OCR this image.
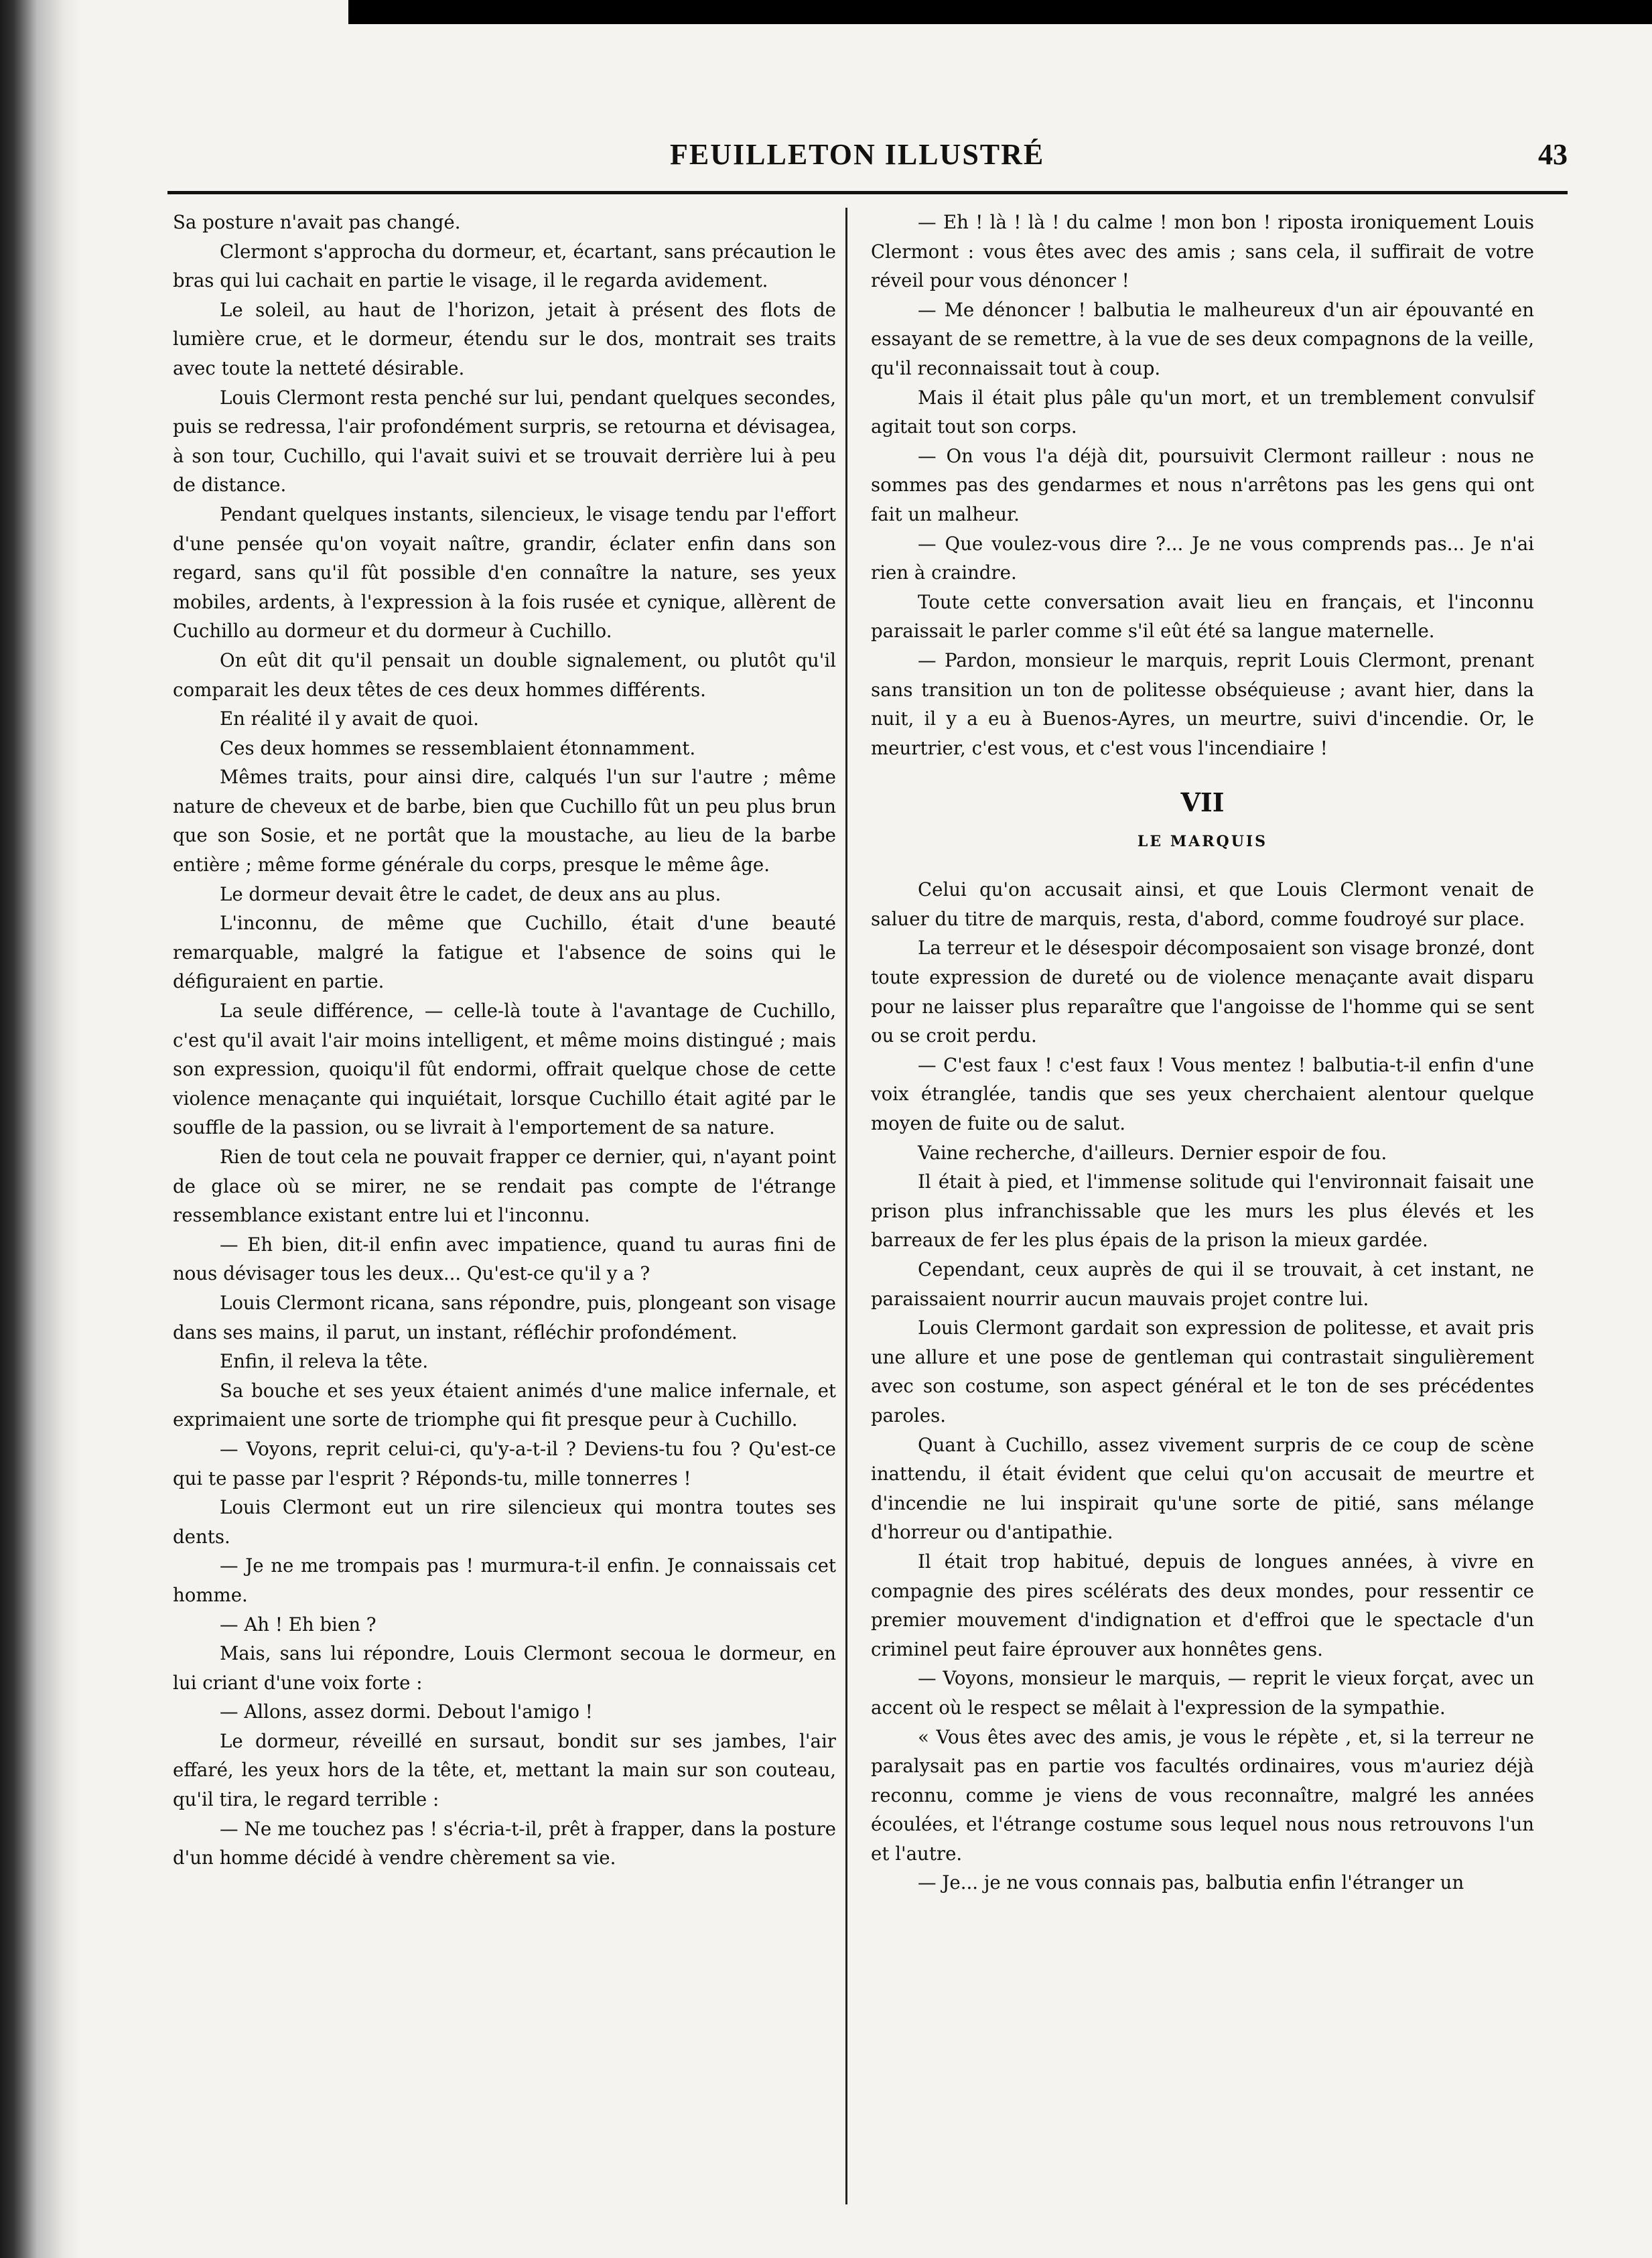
FEUILLETON ILLUSTRÉ	43

Sa posture n'avait pas changé.

Clermont s'approcha du dormeur, et, écartant, sans précaution le bras qui lui cachait en partie le visage, il le regarda avidement.

Le soleil, au haut de l'horizon, jetait à présent des flots de lumière crue, et le dormeur, étendu sur le dos, montrait ses traits avec toute la netteté désirable.

Louis Clermont resta penché sur lui, pendant quelques secondes, puis se redressa, l'air profondément surpris, se retourna et dévisagea, à son tour, Cuchillo, qui l'avait suivi et se trouvait derrière lui à peu de distance.

Pendant quelques instants, silencieux, le visage tendu par l'effort d'une pensée qu'on voyait naître, grandir, éclater enfin dans son regard, sans qu'il fût possible d'en connaître la nature, ses yeux mobiles, ardents, à l'expression à la fois rusée et cynique, allèrent de Cuchillo au dormeur et du dormeur à Cuchillo.

On eût dit qu'il pensait un double signalement, ou plutôt qu'il comparait les deux têtes de ces deux hommes différents.

En réalité il y avait de quoi.

Ces deux hommes se ressemblaient étonnamment.

Mêmes traits, pour ainsi dire, calqués l'un sur l'autre ; même nature de cheveux et de barbe, bien que Cuchillo fût un peu plus brun que son Sosie, et ne portât que la moustache, au lieu de la barbe entière ; même forme générale du corps, presque le même âge.

Le dormeur devait être le cadet, de deux ans au plus.

L'inconnu, de même que Cuchillo, était d'une beauté remarquable, malgré la fatigue et l'absence de soins qui le défiguraient en partie.

La seule différence, — celle-là toute à l'avantage de Cuchillo, c'est qu'il avait l'air moins intelligent, et même moins distingué ; mais son expression, quoiqu'il fût endormi, offrait quelque chose de cette violence menaçante qui inquiétait, lorsque Cuchillo était agité par le souffle de la passion, ou se livrait à l'emportement de sa nature.

Rien de tout cela ne pouvait frapper ce dernier, qui, n'ayant point de glace où se mirer, ne se rendait pas compte de l'étrange ressemblance existant entre lui et l'inconnu.

— Eh bien, dit-il enfin avec impatience, quand tu auras fini de nous dévisager tous les deux... Qu'est-ce qu'il y a ?

Louis Clermont ricana, sans répondre, puis, plongeant son visage dans ses mains, il parut, un instant, réfléchir profondément.

Enfin, il releva la tête.

Sa bouche et ses yeux étaient animés d'une malice infernale, et exprimaient une sorte de triomphe qui fit presque peur à Cuchillo.

— Voyons, reprit celui-ci, qu'y-a-t-il ? Deviens-tu fou ? Qu'est-ce qui te passe par l'esprit ? Réponds-tu, mille tonnerres !

Louis Clermont eut un rire silencieux qui montra toutes ses dents.

— Je ne me trompais pas ! murmura-t-il enfin. Je connaissais cet homme.

— Ah ! Eh bien ?

Mais, sans lui répondre, Louis Clermont secoua le dormeur, en lui criant d'une voix forte :

— Allons, assez dormi. Debout l'amigo !

Le dormeur, réveillé en sursaut, bondit sur ses jambes, l'air effaré, les yeux hors de la tête, et, mettant la main sur son couteau, qu'il tira, le regard terrible :

— Ne me touchez pas ! s'écria-t-il, prêt à frapper, dans la posture d'un homme décidé à vendre chèrement sa vie.

— Eh ! là ! là ! du calme ! mon bon ! riposta ironiquement Louis Clermont : vous êtes avec des amis ; sans cela, il suffirait de votre réveil pour vous dénoncer !

— Me dénoncer ! balbutia le malheureux d'un air épouvanté en essayant de se remettre, à la vue de ses deux compagnons de la veille, qu'il reconnaissait tout à coup.

Mais il était plus pâle qu'un mort, et un tremblement convulsif agitait tout son corps.

— On vous l'a déjà dit, poursuivit Clermont railleur : nous ne sommes pas des gendarmes et nous n'arrêtons pas les gens qui ont fait un malheur.

— Que voulez-vous dire ?... Je ne vous comprends pas... Je n'ai rien à craindre.

Toute cette conversation avait lieu en français, et l'inconnu paraissait le parler comme s'il eût été sa langue maternelle.

— Pardon, monsieur le marquis, reprit Louis Clermont, prenant sans transition un ton de politesse obséquieuse ; avant hier, dans la nuit, il y a eu à Buenos-Ayres, un meurtre, suivi d'incendie. Or, le meurtrier, c'est vous, et c'est vous l'incendiaire !

VII
LE MARQUIS

Celui qu'on accusait ainsi, et que Louis Clermont venait de saluer du titre de marquis, resta, d'abord, comme foudroyé sur place.

La terreur et le désespoir décomposaient son visage bronzé, dont toute expression de dureté ou de violence menaçante avait disparu pour ne laisser plus reparaître que l'angoisse de l'homme qui se sent ou se croit perdu.

— C'est faux ! c'est faux ! Vous mentez ! balbutia-t-il enfin d'une voix étranglée, tandis que ses yeux cherchaient alentour quelque moyen de fuite ou de salut.

Vaine recherche, d'ailleurs. Dernier espoir de fou.

Il était à pied, et l'immense solitude qui l'environnait faisait une prison plus infranchissable que les murs les plus élevés et les barreaux de fer les plus épais de la prison la mieux gardée.

Cependant, ceux auprès de qui il se trouvait, à cet instant, ne paraissaient nourrir aucun mauvais projet contre lui.

Louis Clermont gardait son expression de politesse, et avait pris une allure et une pose de gentleman qui contrastait singulièrement avec son costume, son aspect général et le ton de ses précédentes paroles.

Quant à Cuchillo, assez vivement surpris de ce coup de scène inattendu, il était évident que celui qu'on accusait de meurtre et d'incendie ne lui inspirait qu'une sorte de pitié, sans mélange d'horreur ou d'antipathie.

Il était trop habitué, depuis de longues années, à vivre en compagnie des pires scélérats des deux mondes, pour ressentir ce premier mouvement d'indignation et d'effroi que le spectacle d'un criminel peut faire éprouver aux honnêtes gens.

— Voyons, monsieur le marquis, — reprit le vieux forçat, avec un accent où le respect se mêlait à l'expression de la sympathie.

« Vous êtes avec des amis, je vous le répète , et, si la terreur ne paralysait pas en partie vos facultés ordinaires, vous m'auriez déjà reconnu, comme je viens de vous reconnaître, malgré les années écoulées, et l'étrange costume sous lequel nous nous retrouvons l'un et l'autre.

— Je... je ne vous connais pas, balbutia enfin l'étranger un
